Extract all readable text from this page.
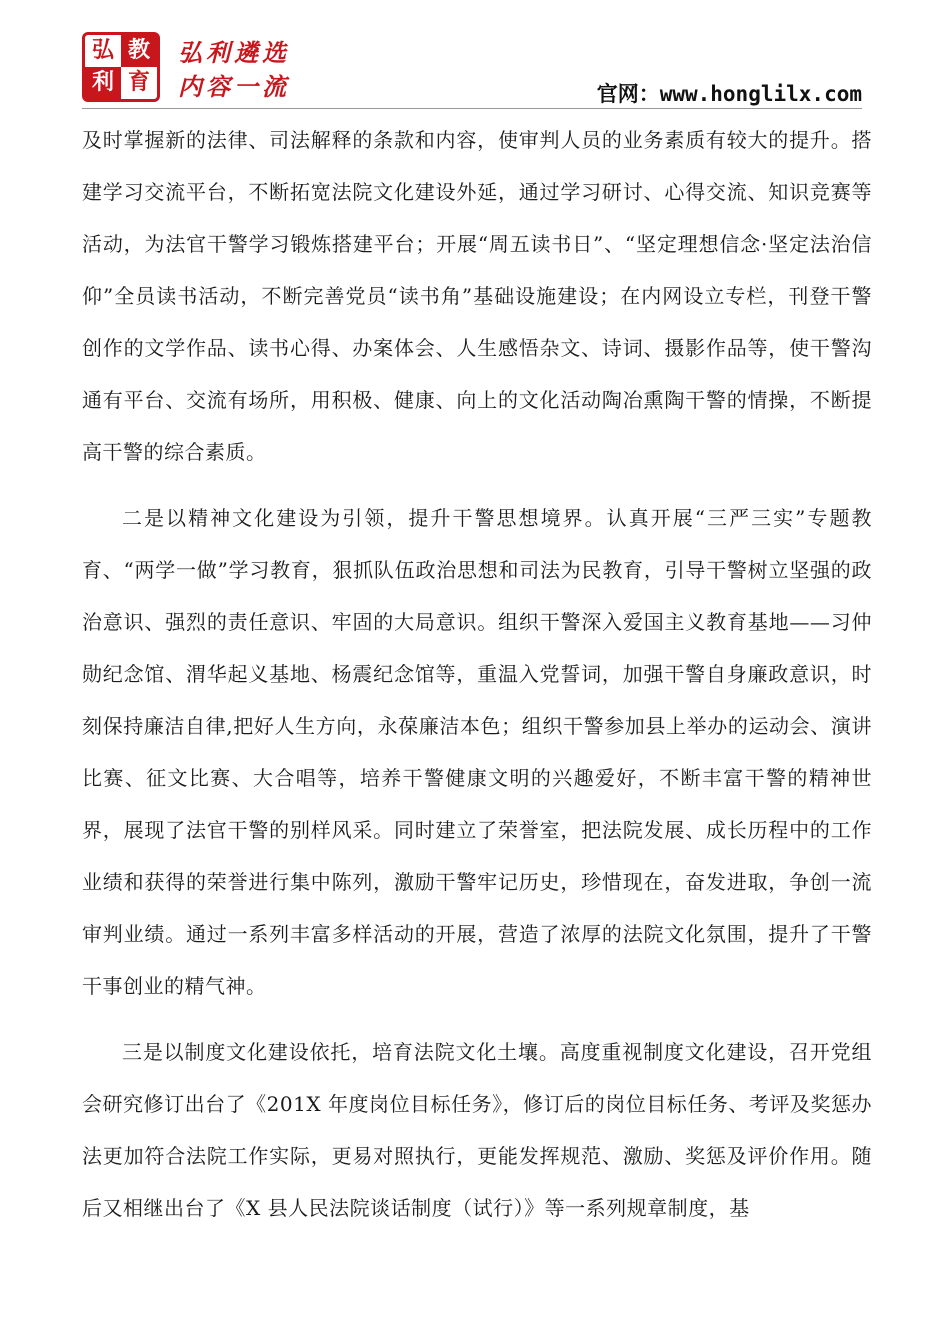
弘 教
利 育
弘利遴选
内容一流	官网：www.honglilx.com

及时掌握新的法律、司法解释的条款和内容，使审判人员的业务素质有较大的提升。搭建学习交流平台，不断拓宽法院文化建设外延，通过学习研讨、心得交流、知识竞赛等活动，为法官干警学习锻炼搭建平台；开展“周五读书日”、“坚定理想信念·坚定法治信仰”全员读书活动，不断完善党员“读书角”基础设施建设；在内网设立专栏，刊登干警创作的文学作品、读书心得、办案体会、人生感悟杂文、诗词、摄影作品等，使干警沟通有平台、交流有场所，用积极、健康、向上的文化活动陶冶熏陶干警的情操，不断提高干警的综合素质。

二是以精神文化建设为引领，提升干警思想境界。认真开展“三严三实”专题教育、“两学一做”学习教育，狠抓队伍政治思想和司法为民教育，引导干警树立坚强的政治意识、强烈的责任意识、牢固的大局意识。组织干警深入爱国主义教育基地——习仲勋纪念馆、渭华起义基地、杨震纪念馆等，重温入党誓词，加强干警自身廉政意识，时刻保持廉洁自律,把好人生方向，永葆廉洁本色；组织干警参加县上举办的运动会、演讲比赛、征文比赛、大合唱等，培养干警健康文明的兴趣爱好，不断丰富干警的精神世界，展现了法官干警的别样风采。同时建立了荣誉室，把法院发展、成长历程中的工作业绩和获得的荣誉进行集中陈列，激励干警牢记历史，珍惜现在，奋发进取，争创一流审判业绩。通过一系列丰富多样活动的开展，营造了浓厚的法院文化氛围，提升了干警干事创业的精气神。

三是以制度文化建设依托，培育法院文化土壤。高度重视制度文化建设，召开党组会研究修订出台了《201X 年度岗位目标任务》，修订后的岗位目标任务、考评及奖惩办法更加符合法院工作实际，更易对照执行，更能发挥规范、激励、奖惩及评价作用。随后又相继出台了《X 县人民法院谈话制度（试行）》等一系列规章制度，基
